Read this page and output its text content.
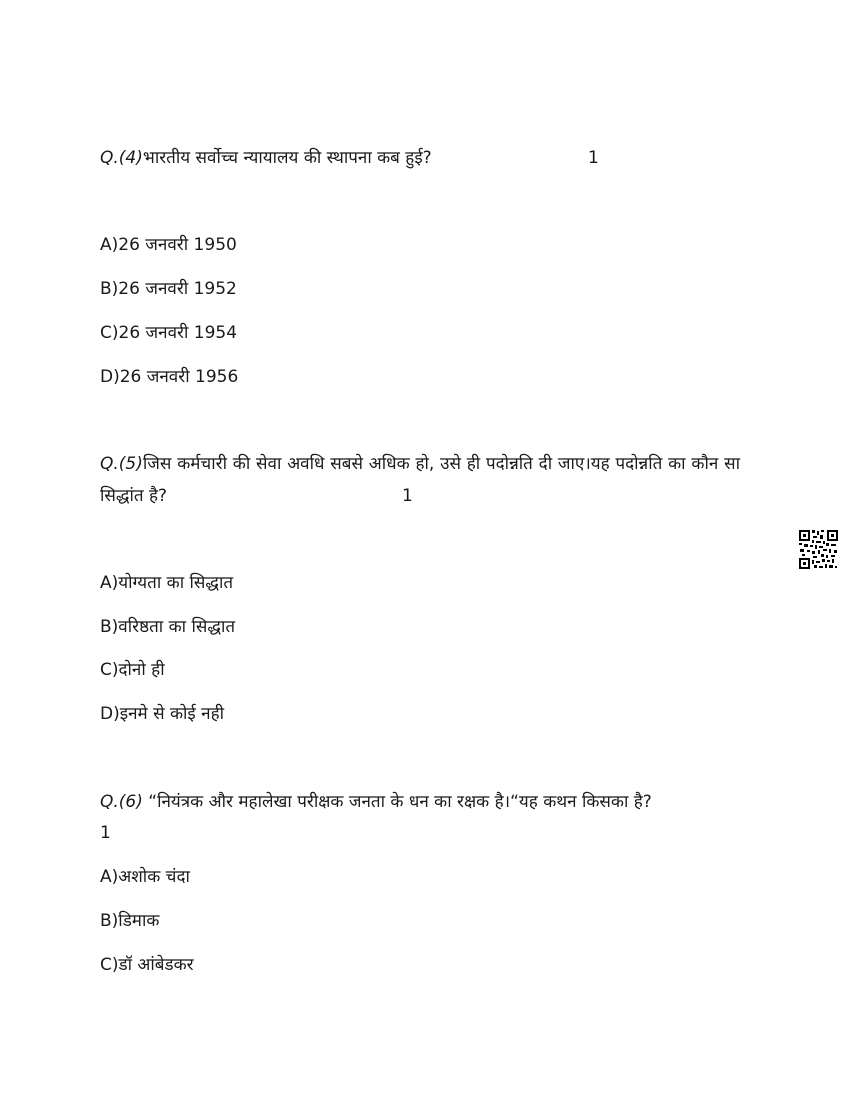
Q.(4)भारतीय सर्वोच्च न्यायालय की स्थापना कब हुई?	1
A)26 जनवरी 1950
B)26 जनवरी 1952
C)26 जनवरी 1954
D)26 जनवरी 1956
Q.(5)जिस कर्मचारी की सेवा अवधि सबसे अधिक हो, उसे ही पदोन्नति दी जाए।यह पदोन्नति का कौन सा सिद्धांत है?	1
A)योग्यता का सिद्धात
B)वरिष्ठता का सिद्धात
C)दोनो ही
D)इनमे से कोई नही
Q.(6) “नियंत्रक और महालेखा परीक्षक जनता के धन का रक्षक है।“यह कथन किसका है?
1
A)अशोक चंदा
B)डिमाक
C)डॉ आंबेडकर
